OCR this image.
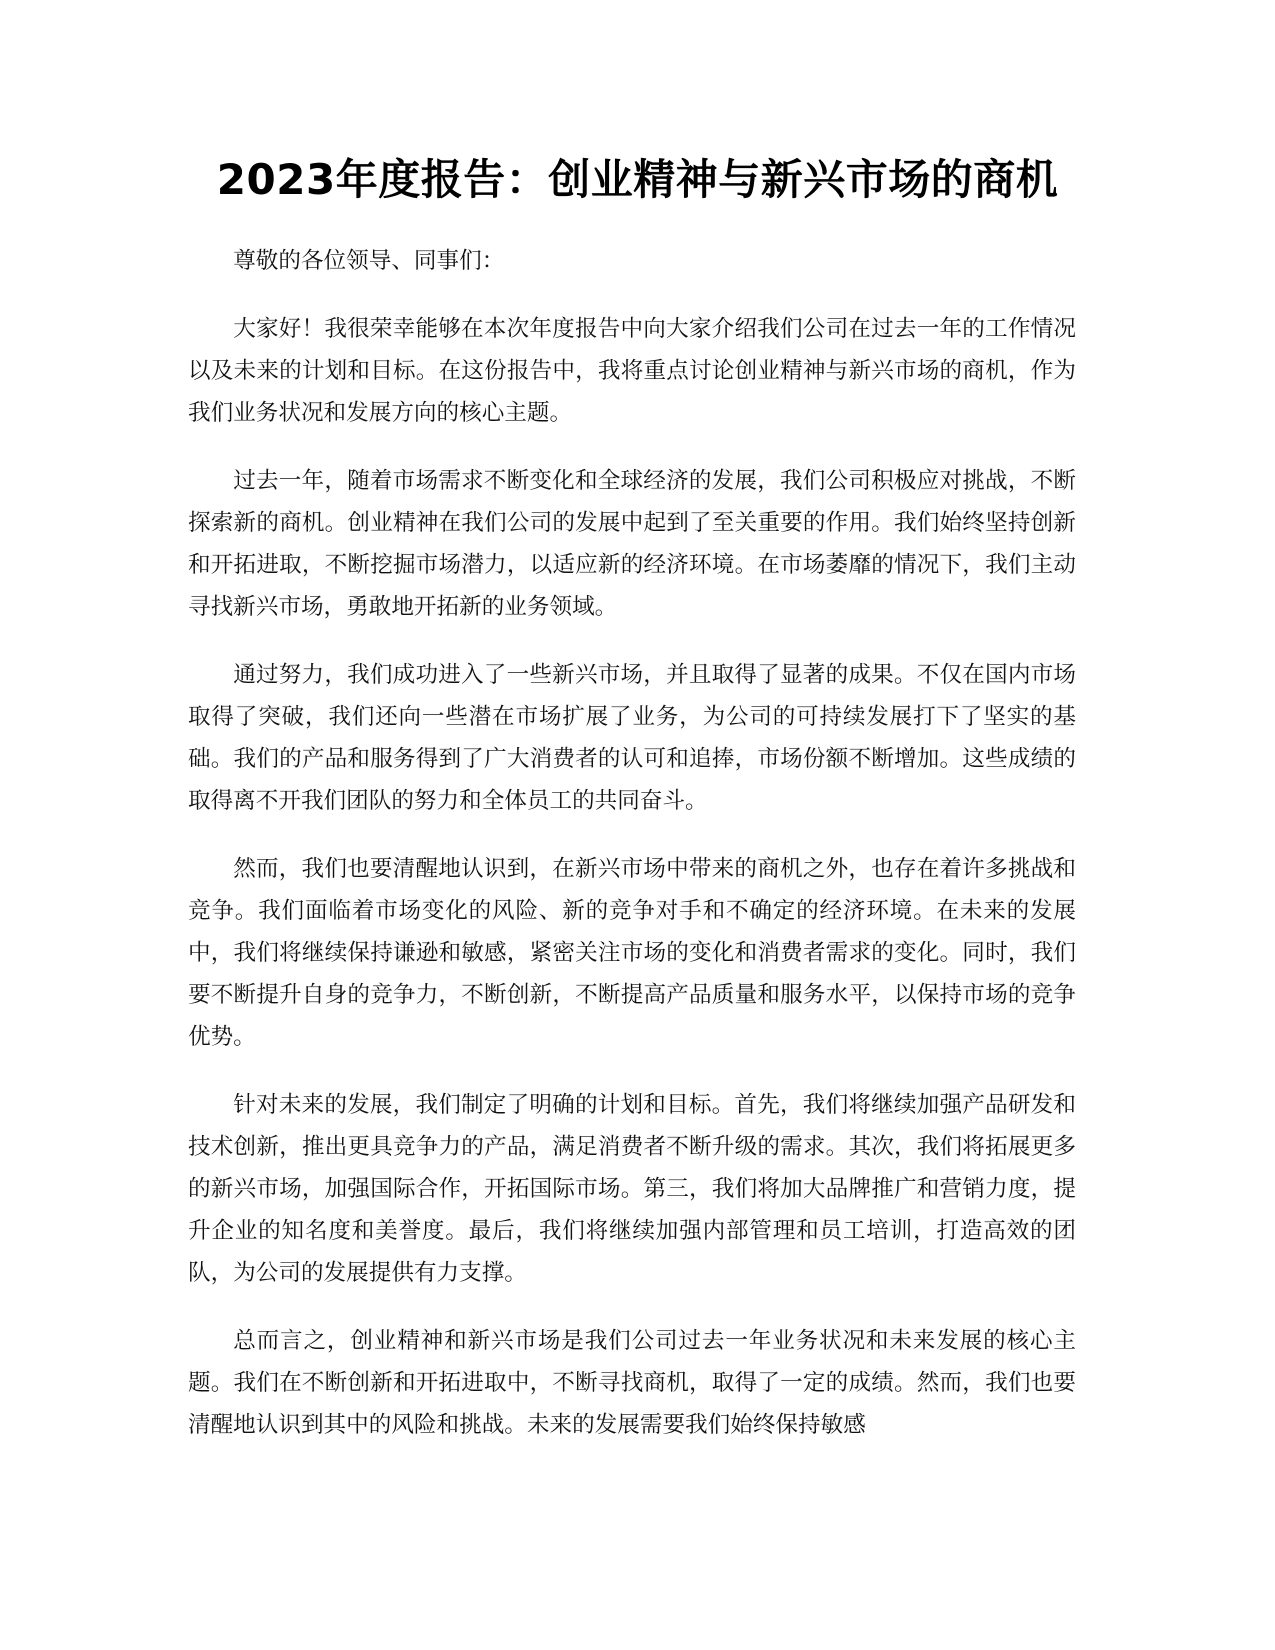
2023年度报告：创业精神与新兴市场的商机

尊敬的各位领导、同事们：

大家好！我很荣幸能够在本次年度报告中向大家介绍我们公司在过去一年的工作情况以及未来的计划和目标。在这份报告中，我将重点讨论创业精神与新兴市场的商机，作为我们业务状况和发展方向的核心主题。

过去一年，随着市场需求不断变化和全球经济的发展，我们公司积极应对挑战，不断探索新的商机。创业精神在我们公司的发展中起到了至关重要的作用。我们始终坚持创新和开拓进取，不断挖掘市场潜力，以适应新的经济环境。在市场萎靡的情况下，我们主动寻找新兴市场，勇敢地开拓新的业务领域。

通过努力，我们成功进入了一些新兴市场，并且取得了显著的成果。不仅在国内市场取得了突破，我们还向一些潜在市场扩展了业务，为公司的可持续发展打下了坚实的基础。我们的产品和服务得到了广大消费者的认可和追捧，市场份额不断增加。这些成绩的取得离不开我们团队的努力和全体员工的共同奋斗。

然而，我们也要清醒地认识到，在新兴市场中带来的商机之外，也存在着许多挑战和竞争。我们面临着市场变化的风险、新的竞争对手和不确定的经济环境。在未来的发展中，我们将继续保持谦逊和敏感，紧密关注市场的变化和消费者需求的变化。同时，我们要不断提升自身的竞争力，不断创新，不断提高产品质量和服务水平，以保持市场的竞争优势。

针对未来的发展，我们制定了明确的计划和目标。首先，我们将继续加强产品研发和技术创新，推出更具竞争力的产品，满足消费者不断升级的需求。其次，我们将拓展更多的新兴市场，加强国际合作，开拓国际市场。第三，我们将加大品牌推广和营销力度，提升企业的知名度和美誉度。最后，我们将继续加强内部管理和员工培训，打造高效的团队，为公司的发展提供有力支撑。

总而言之，创业精神和新兴市场是我们公司过去一年业务状况和未来发展的核心主题。我们在不断创新和开拓进取中，不断寻找商机，取得了一定的成绩。然而，我们也要清醒地认识到其中的风险和挑战。未来的发展需要我们始终保持敏感
